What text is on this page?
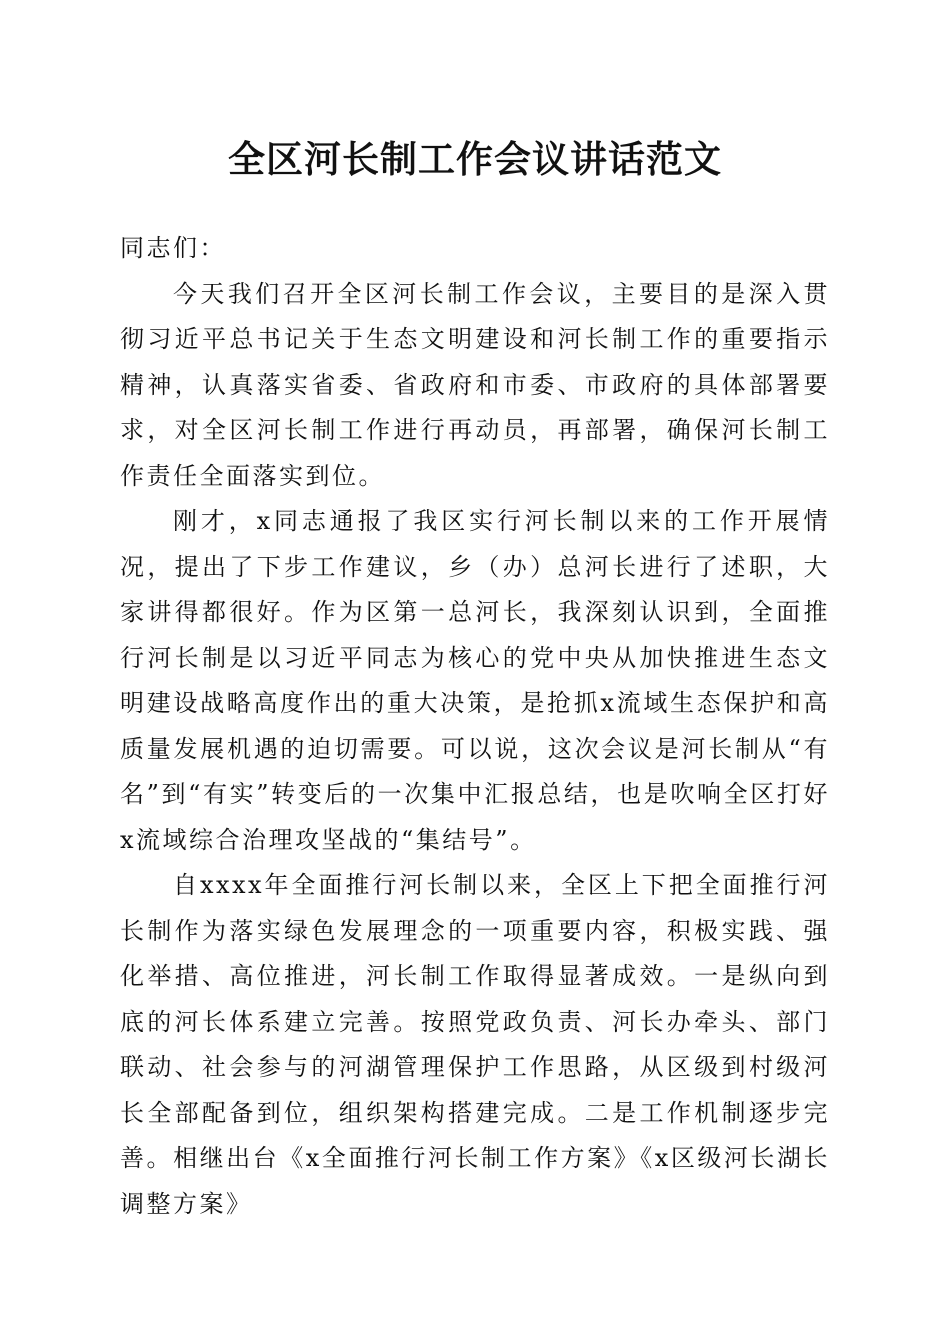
全区河长制工作会议讲话范文

同志们：

今天我们召开全区河长制工作会议，主要目的是深入贯彻习近平总书记关于生态文明建设和河长制工作的重要指示精神，认真落实省委、省政府和市委、市政府的具体部署要求，对全区河长制工作进行再动员，再部署，确保河长制工作责任全面落实到位。

刚才，x同志通报了我区实行河长制以来的工作开展情况，提出了下步工作建议，乡（办）总河长进行了述职，大家讲得都很好。作为区第一总河长，我深刻认识到，全面推行河长制是以习近平同志为核心的党中央从加快推进生态文明建设战略高度作出的重大决策，是抢抓x流域生态保护和高质量发展机遇的迫切需要。可以说，这次会议是河长制从“有名”到“有实”转变后的一次集中汇报总结，也是吹响全区打好x流域综合治理攻坚战的“集结号”。

自xxxx年全面推行河长制以来，全区上下把全面推行河长制作为落实绿色发展理念的一项重要内容，积极实践、强化举措、高位推进，河长制工作取得显著成效。一是纵向到底的河长体系建立完善。按照党政负责、河长办牵头、部门联动、社会参与的河湖管理保护工作思路，从区级到村级河长全部配备到位，组织架构搭建完成。二是工作机制逐步完善。相继出台《x全面推行河长制工作方案》《x区级河长湖长调整方案》
